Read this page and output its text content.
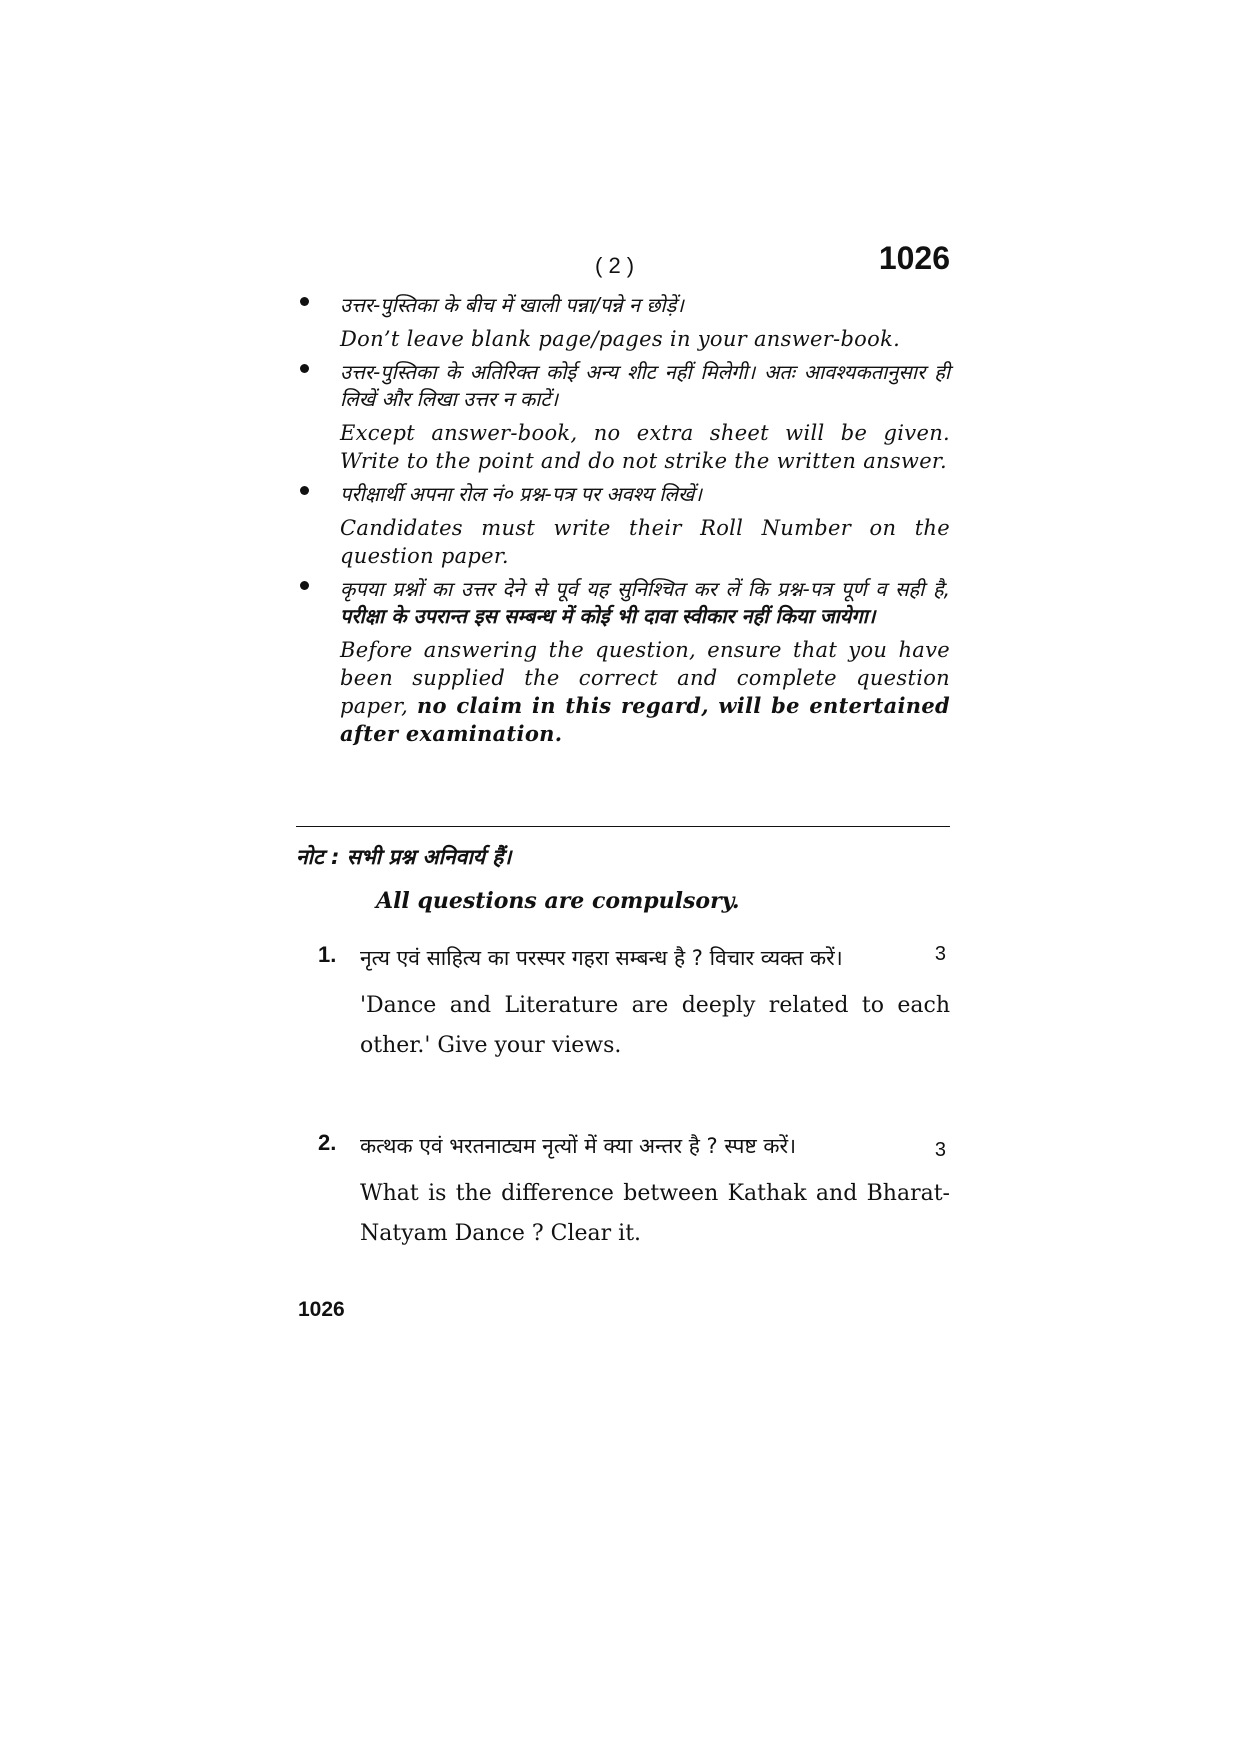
( 2 )	1026
उत्तर-पुस्तिका के बीच में खाली पन्ना/पन्ने न छोड़ें।
Don’t leave blank page/pages in your answer-book.
उत्तर-पुस्तिका के अतिरिक्त कोई अन्य शीट नहीं मिलेगी। अतः आवश्यकतानुसार ही लिखें और लिखा उत्तर न काटें।
Except answer-book, no extra sheet will be given. Write to the point and do not strike the written answer.
परीक्षार्थी अपना रोल नं० प्रश्न-पत्र पर अवश्य लिखें।
Candidates must write their Roll Number on the question paper.
कृपया प्रश्नों का उत्तर देने से पूर्व यह सुनिश्चित कर लें कि प्रश्न-पत्र पूर्ण व सही है, परीक्षा के उपरान्त इस सम्बन्ध में कोई भी दावा स्वीकार नहीं किया जायेगा।
Before answering the question, ensure that you have been supplied the correct and complete question paper, no claim in this regard, will be entertained after examination.
नोट : सभी प्रश्न अनिवार्य हैं।
All questions are compulsory.
1. नृत्य एवं साहित्य का परस्पर गहरा सम्बन्ध है ? विचार व्यक्त करें।	3
'Dance and Literature are deeply related to each other.' Give your views.
2. कत्थक एवं भरतनाट्यम नृत्यों में क्या अन्तर है ? स्पष्ट करें।	3
What is the difference between Kathak and Bharat-Natyam Dance ? Clear it.
1026
